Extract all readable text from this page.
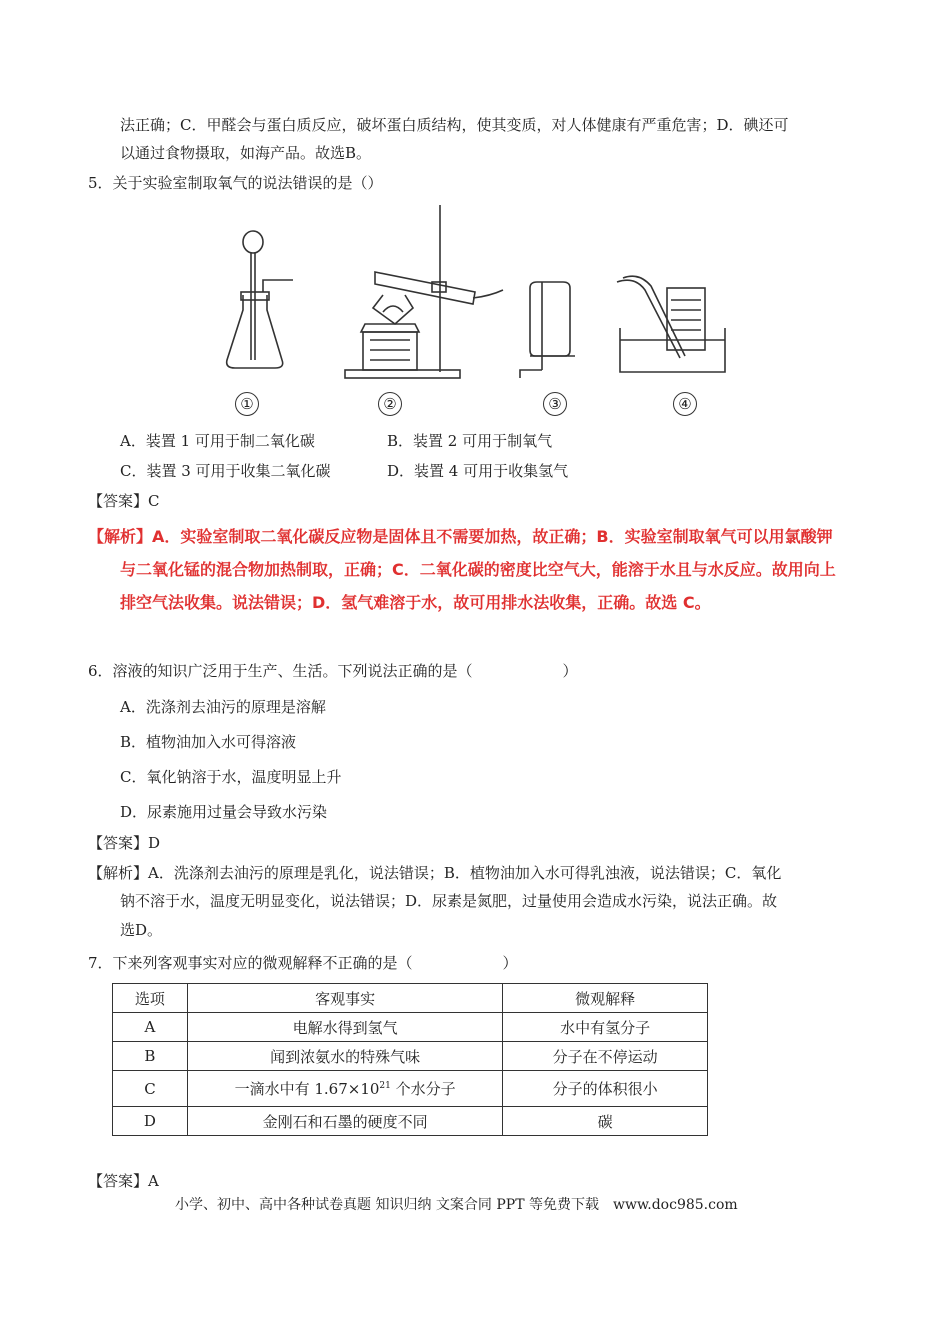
法正确；C．甲醛会与蛋白质反应，破坏蛋白质结构，使其变质，对人体健康有严重危害；D．碘还可
以通过食物摄取，如海产品。故选B。
5．关于实验室制取氧气的说法错误的是（）
①	②	③	④
A．装置 1 可用于制二氧化碳	B．装置 2 可用于制氧气
C．装置 3 可用于收集二氧化碳	D．装置 4 可用于收集氢气
【答案】C
【解析】A．实验室制取二氧化碳反应物是固体且不需要加热，故正确；B．实验室制取氧气可以用氯酸钾
与二氧化锰的混合物加热制取，正确；C．二氧化碳的密度比空气大，能溶于水且与水反应。故用向上
排空气法收集。说法错误；D．氢气难溶于水，故可用排水法收集，正确。故选 C。
6．溶液的知识广泛用于生产、生活。下列说法正确的是（　　　　　　）
A．洗涤剂去油污的原理是溶解
B．植物油加入水可得溶液
C．氧化钠溶于水，温度明显上升
D．尿素施用过量会导致水污染
【答案】D
【解析】A．洗涤剂去油污的原理是乳化，说法错误；B．植物油加入水可得乳浊液，说法错误；C．氧化
钠不溶于水，温度无明显变化，说法错误；D．尿素是氮肥，过量使用会造成水污染，说法正确。故
选D。
7．下来列客观事实对应的微观解释不正确的是（　　　　　　）
选项	客观事实	微观解释
A	电解水得到氢气	水中有氢分子
B	闻到浓氨水的特殊气味	分子在不停运动
C	一滴水中有 $1.67\times 10^{21}$ 个水分子	分子的体积很小
D	金刚石和石墨的硬度不同	碳
【答案】A
小学、初中、高中各种试卷真题 知识归纳 文案合同 PPT 等免费下载　www.doc985.com
